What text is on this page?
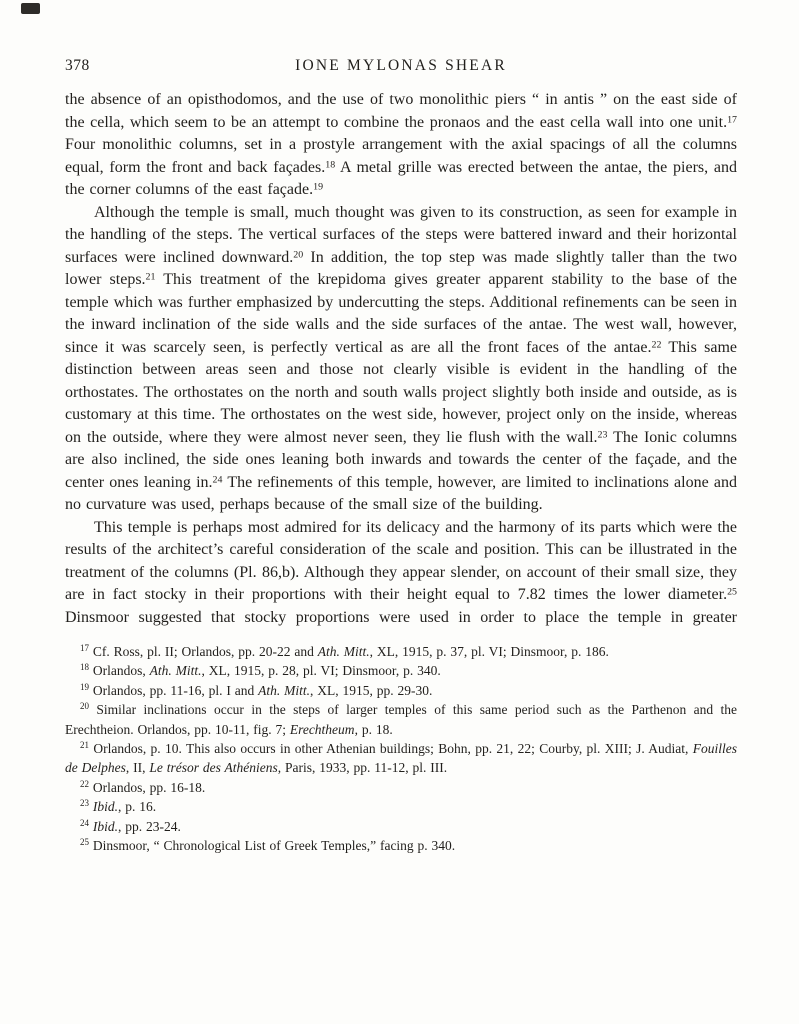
378	IONE MYLONAS SHEAR

the absence of an opisthodomos, and the use of two monolithic piers “ in antis ” on the east side of the cella, which seem to be an attempt to combine the pronaos and the east cella wall into one unit.$^{17}$ Four monolithic columns, set in a prostyle arrangement with the axial spacings of all the columns equal, form the front and back façades.$^{18}$ A metal grille was erected between the antae, the piers, and the corner columns of the east façade.$^{19}$

Although the temple is small, much thought was given to its construction, as seen for example in the handling of the steps. The vertical surfaces of the steps were battered inward and their horizontal surfaces were inclined downward.$^{20}$ In addition, the top step was made slightly taller than the two lower steps.$^{21}$ This treatment of the krepidoma gives greater apparent stability to the base of the temple which was further emphasized by undercutting the steps. Additional refinements can be seen in the inward inclination of the side walls and the side surfaces of the antae. The west wall, however, since it was scarcely seen, is perfectly vertical as are all the front faces of the antae.$^{22}$ This same distinction between areas seen and those not clearly visible is evident in the handling of the orthostates. The orthostates on the north and south walls project slightly both inside and outside, as is customary at this time. The orthostates on the west side, however, project only on the inside, whereas on the outside, where they were almost never seen, they lie flush with the wall.$^{23}$ The Ionic columns are also inclined, the side ones leaning both inwards and towards the center of the façade, and the center ones leaning in.$^{24}$ The refinements of this temple, however, are limited to inclinations alone and no curvature was used, perhaps because of the small size of the building.

This temple is perhaps most admired for its delicacy and the harmony of its parts which were the results of the architect’s careful consideration of the scale and position. This can be illustrated in the treatment of the columns (Pl. 86,b). Although they appear slender, on account of their small size, they are in fact stocky in their proportions with their height equal to 7.82 times the lower diameter.$^{25}$ Dinsmoor suggested that stocky proportions were used in order to place the temple in greater

$^{17}$ Cf. Ross, pl. II; Orlandos, pp. 20-22 and Ath. Mitt., XL, 1915, p. 37, pl. VI; Dinsmoor, p. 186.

$^{18}$ Orlandos, Ath. Mitt., XL, 1915, p. 28, pl. VI; Dinsmoor, p. 340.

$^{19}$ Orlandos, pp. 11-16, pl. I and Ath. Mitt., XL, 1915, pp. 29-30.

$^{20}$ Similar inclinations occur in the steps of larger temples of this same period such as the Parthenon and the Erechtheion. Orlandos, pp. 10-11, fig. 7; Erechtheum, p. 18.

$^{21}$ Orlandos, p. 10. This also occurs in other Athenian buildings; Bohn, pp. 21, 22; Courby, pl. XIII; J. Audiat, Fouilles de Delphes, II, Le trésor des Athéniens, Paris, 1933, pp. 11-12, pl. III.

$^{22}$ Orlandos, pp. 16-18.

$^{23}$ Ibid., p. 16.

$^{24}$ Ibid., pp. 23-24.

$^{25}$ Dinsmoor, “ Chronological List of Greek Temples,” facing p. 340.
